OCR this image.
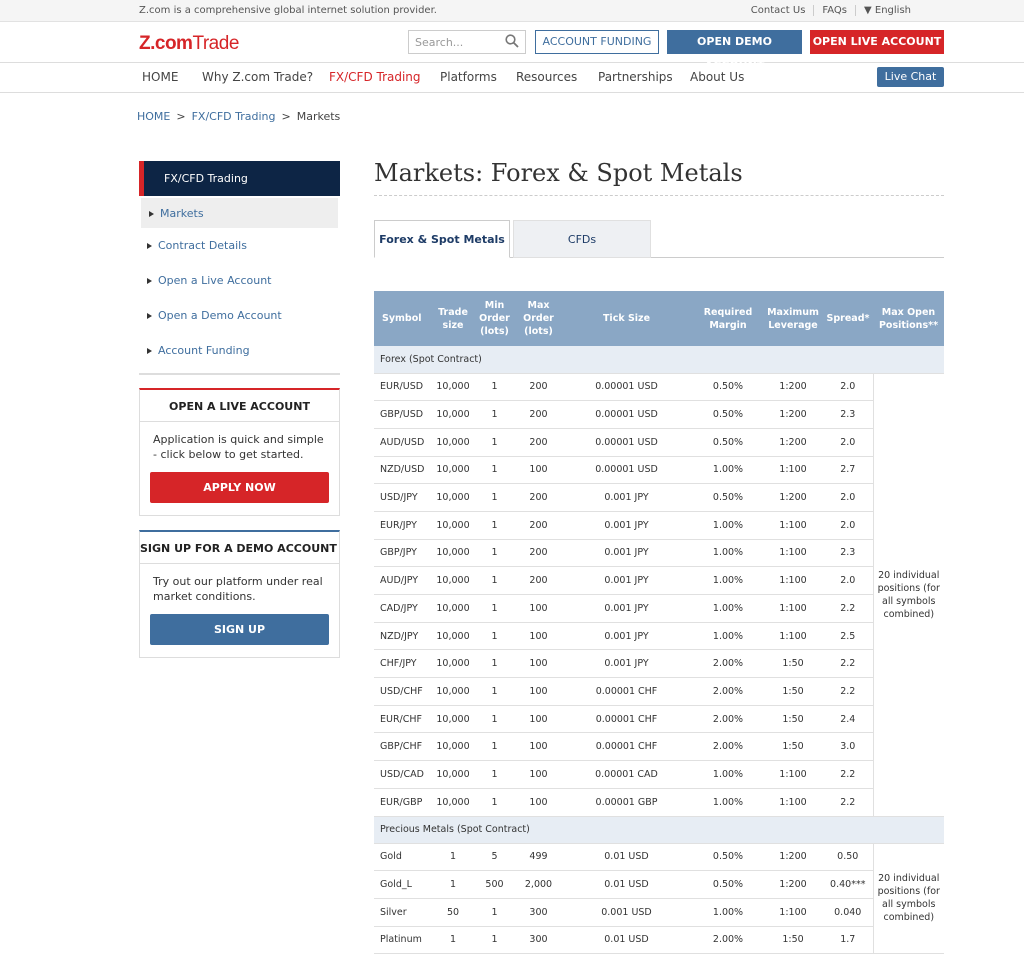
Z.com is a comprehensive global internet solution provider.	Contact Us	FAQs	▼ English
Z.comTrade	Search...	ACCOUNT FUNDING	OPEN DEMO	OPEN LIVE ACCOUNT
HOME Why Z.com Trade? FX/CFD Trading Platforms Resources Partnerships About Us	Live Chat
HOME > FX/CFD Trading > Markets
FX/CFD Trading
Markets
Contract Details
Open a Live Account
Open a Demo Account
Account Funding
OPEN A LIVE ACCOUNT

Application is quick and simple - click below to get started.

APPLY NOW
SIGN UP FOR A DEMO ACCOUNT

Try out our platform under real market conditions.

SIGN UP
Markets: Forex & Spot Metals
Forex & Spot Metals	CFDs
Symbol	Trade size	Min Order (lots)	Max Order (lots)	Tick Size	Required Margin	Maximum Leverage	Spread*	Max Open Positions**
Forex (Spot Contract)								
EUR/USD	10,000	1	200	0.00001 USD	0.50%	1:200	2.0	20 individual positions (for all symbols combined)
GBP/USD	10,000	1	200	0.00001 USD	0.50%	1:200	2.3	
AUD/USD	10,000	1	200	0.00001 USD	0.50%	1:200	2.0	
NZD/USD	10,000	1	100	0.00001 USD	1.00%	1:100	2.7	
USD/JPY	10,000	1	200	0.001 JPY	0.50%	1:200	2.0	
EUR/JPY	10,000	1	200	0.001 JPY	1.00%	1:100	2.0	
GBP/JPY	10,000	1	200	0.001 JPY	1.00%	1:100	2.3	
AUD/JPY	10,000	1	200	0.001 JPY	1.00%	1:100	2.0	
CAD/JPY	10,000	1	100	0.001 JPY	1.00%	1:100	2.2	
NZD/JPY	10,000	1	100	0.001 JPY	1.00%	1:100	2.5	
CHF/JPY	10,000	1	100	0.001 JPY	2.00%	1:50	2.2	
USD/CHF	10,000	1	100	0.00001 CHF	2.00%	1:50	2.2	
EUR/CHF	10,000	1	100	0.00001 CHF	2.00%	1:50	2.4	
GBP/CHF	10,000	1	100	0.00001 CHF	2.00%	1:50	3.0	
USD/CAD	10,000	1	100	0.00001 CAD	1.00%	1:100	2.2	
EUR/GBP	10,000	1	100	0.00001 GBP	1.00%	1:100	2.2	
Precious Metals (Spot Contract)								
Gold	1	5	499	0.01 USD	0.50%	1:200	0.50	20 individual positions (for all symbols combined)
Gold_L	1	500	2,000	0.01 USD	0.50%	1:200	0.40***	
Silver	50	1	300	0.001 USD	1.00%	1:100	0.040	
Platinum	1	1	300	0.01 USD	2.00%	1:50	1.7	
